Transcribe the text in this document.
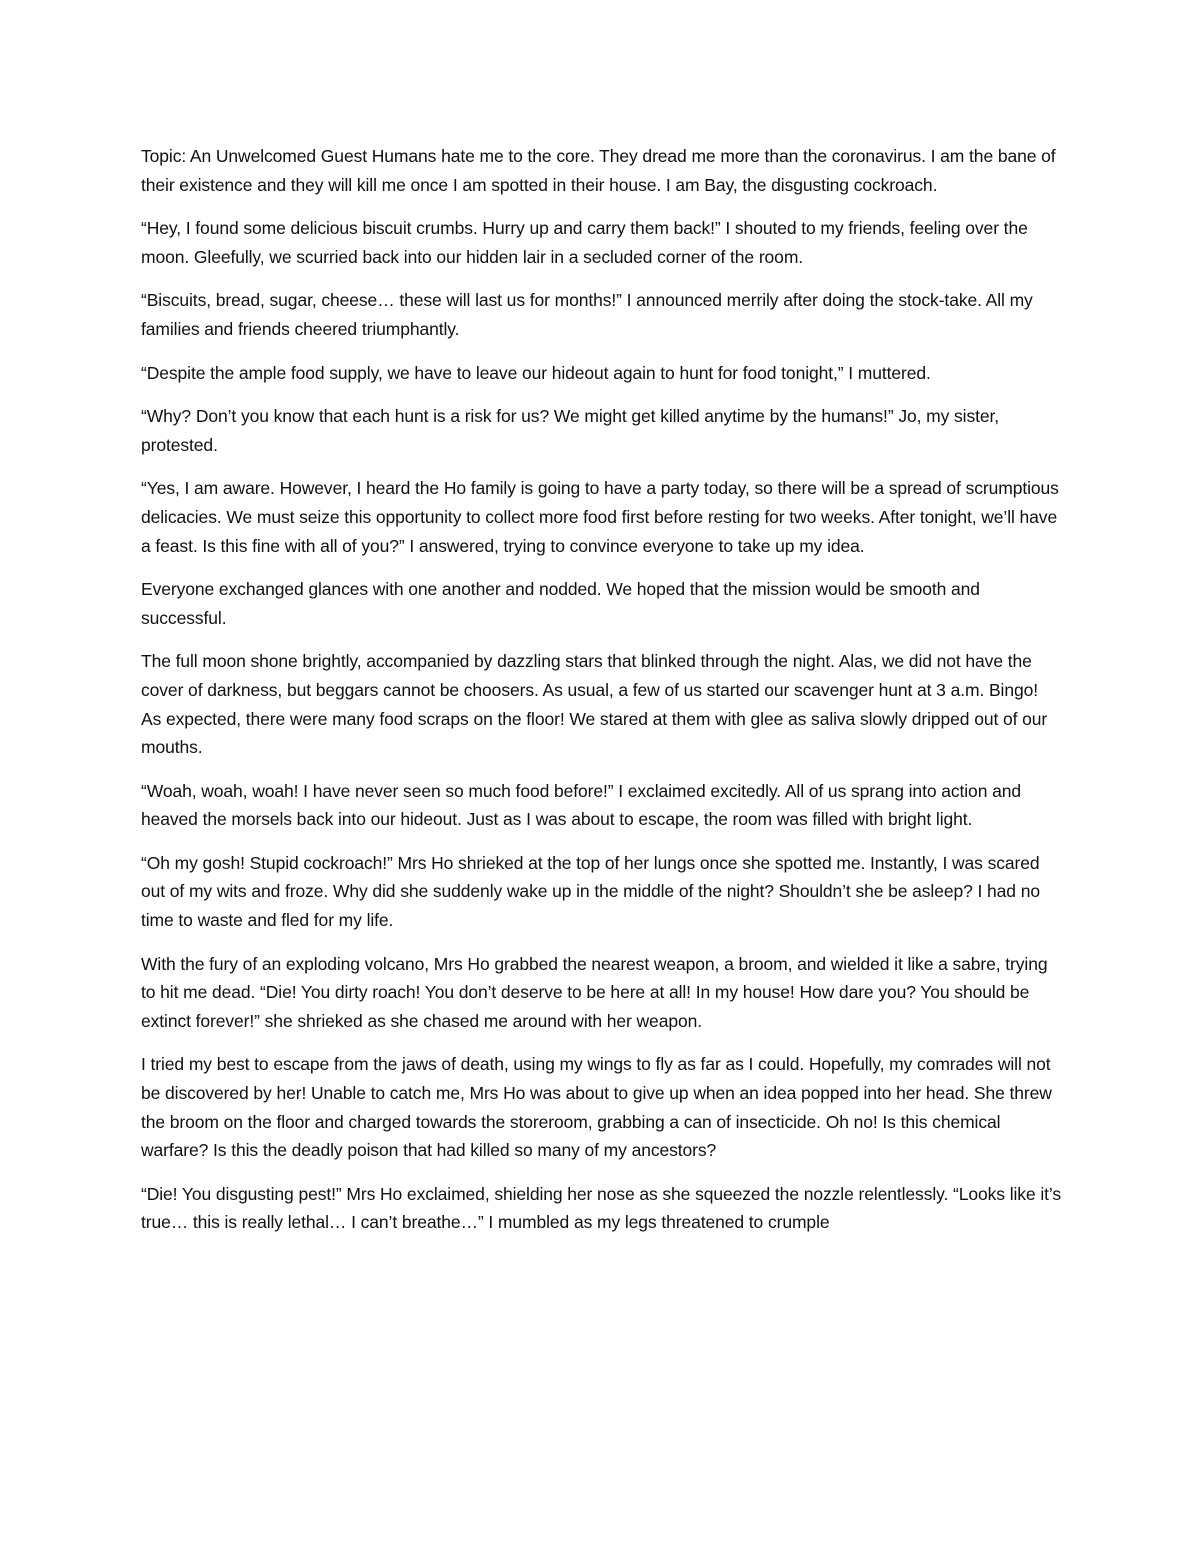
Topic: An Unwelcomed Guest Humans hate me to the core. They dread me more than the coronavirus. I am the bane of their existence and they will kill me once I am spotted in their house. I am Bay, the disgusting cockroach.

“Hey, I found some delicious biscuit crumbs. Hurry up and carry them back!” I shouted to my friends, feeling over the moon. Gleefully, we scurried back into our hidden lair in a secluded corner of the room.

“Biscuits, bread, sugar, cheese… these will last us for months!” I announced merrily after doing the stock-take. All my families and friends cheered triumphantly.

“Despite the ample food supply, we have to leave our hideout again to hunt for food tonight,” I muttered.

“Why? Don’t you know that each hunt is a risk for us? We might get killed anytime by the humans!” Jo, my sister, protested.

“Yes, I am aware. However, I heard the Ho family is going to have a party today, so there will be a spread of scrumptious delicacies. We must seize this opportunity to collect more food first before resting for two weeks. After tonight, we’ll have a feast. Is this fine with all of you?” I answered, trying to convince everyone to take up my idea.

Everyone exchanged glances with one another and nodded. We hoped that the mission would be smooth and successful.

The full moon shone brightly, accompanied by dazzling stars that blinked through the night. Alas, we did not have the cover of darkness, but beggars cannot be choosers. As usual, a few of us started our scavenger hunt at 3 a.m. Bingo! As expected, there were many food scraps on the floor! We stared at them with glee as saliva slowly dripped out of our mouths.

“Woah, woah, woah! I have never seen so much food before!” I exclaimed excitedly. All of us sprang into action and heaved the morsels back into our hideout. Just as I was about to escape, the room was filled with bright light.

“Oh my gosh! Stupid cockroach!” Mrs Ho shrieked at the top of her lungs once she spotted me. Instantly, I was scared out of my wits and froze. Why did she suddenly wake up in the middle of the night? Shouldn’t she be asleep? I had no time to waste and fled for my life.

With the fury of an exploding volcano, Mrs Ho grabbed the nearest weapon, a broom, and wielded it like a sabre, trying to hit me dead. “Die! You dirty roach! You don’t deserve to be here at all! In my house! How dare you? You should be extinct forever!” she shrieked as she chased me around with her weapon.

I tried my best to escape from the jaws of death, using my wings to fly as far as I could. Hopefully, my comrades will not be discovered by her! Unable to catch me, Mrs Ho was about to give up when an idea popped into her head. She threw the broom on the floor and charged towards the storeroom, grabbing a can of insecticide. Oh no! Is this chemical warfare? Is this the deadly poison that had killed so many of my ancestors?

“Die! You disgusting pest!” Mrs Ho exclaimed, shielding her nose as she squeezed the nozzle relentlessly. “Looks like it’s true… this is really lethal… I can’t breathe…” I mumbled as my legs threatened to crumple
